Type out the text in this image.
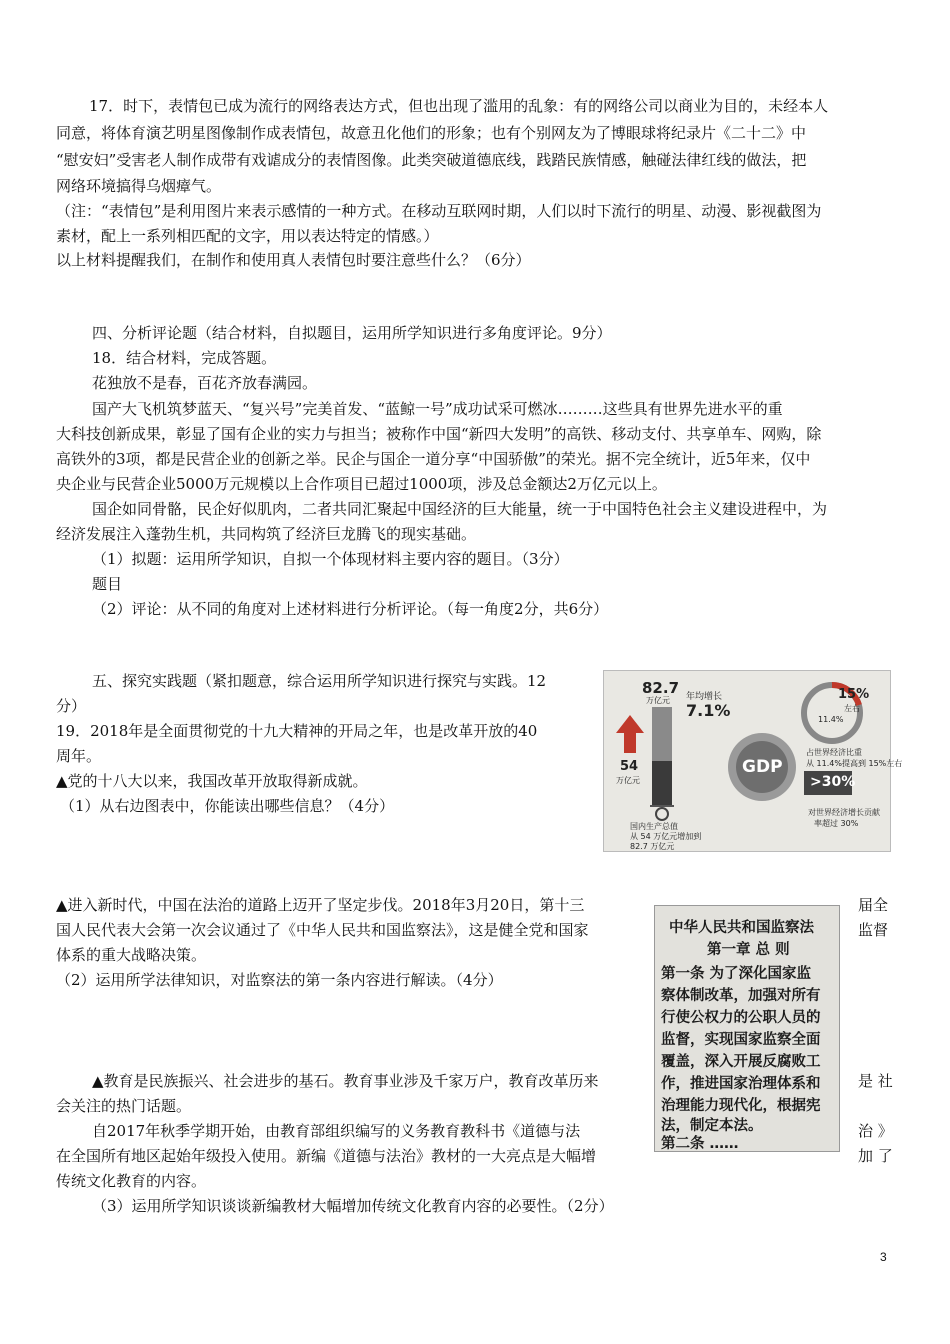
17．时下，表情包已成为流行的网络表达方式，但也出现了滥用的乱象：有的网络公司以商业为目的，未经本人
同意，将体育演艺明星图像制作成表情包，故意丑化他们的形象；也有个别网友为了博眼球将纪录片《二十二》中
“慰安妇”受害老人制作成带有戏谑成分的表情图像。此类突破道德底线，践踏民族情感，触碰法律红线的做法，把
网络环境搞得乌烟瘴气。
（注：“表情包”是利用图片来表示感情的一种方式。在移动互联网时期，人们以时下流行的明星、动漫、影视截图为
素材，配上一系列相匹配的文字，用以表达特定的情感。）
以上材料提醒我们，在制作和使用真人表情包时要注意些什么？（6分）
四、分析评论题（结合材料，自拟题目，运用所学知识进行多角度评论。9分）
18．结合材料，完成答题。
花独放不是春，百花齐放春满园。
国产大飞机筑梦蓝天、“复兴号”完美首发、“蓝鲸一号”成功试采可燃冰………这些具有世界先进水平的重
大科技创新成果，彰显了国有企业的实力与担当；被称作中国“新四大发明”的高铁、移动支付、共享单车、网购，除
高铁外的3项，都是民营企业的创新之举。民企与国企一道分享“中国骄傲”的荣光。据不完全统计，近5年来，仅中
央企业与民营企业5000万元规模以上合作项目已超过1000项，涉及总金额达2万亿元以上。
国企如同骨骼，民企好似肌肉，二者共同汇聚起中国经济的巨大能量，统一于中国特色社会主义建设进程中，为
经济发展注入蓬勃生机，共同构筑了经济巨龙腾飞的现实基础。
（1）拟题：运用所学知识，自拟一个体现材料主要内容的题目。（3分）
题目
（2）评论：从不同的角度对上述材料进行分析评论。（每一角度2分，共6分）
五、探究实践题（紧扣题意，综合运用所学知识进行探究与实践。12
分）
19．2018年是全面贯彻党的十九大精神的开局之年，也是改革开放的40
周年。
▲党的十八大以来，我国改革开放取得新成就。
（1）从右边图表中，你能读出哪些信息？（4分）
82.7
万亿元
54
万亿元
年均增长
7.1%
15%
左右
11.4%
占世界经济比重
从 11.4%提高到 15%左右
GDP
>30%
对世界经济增长贡献
率超过 30%
国内生产总值
从 54 万亿元增加到
82.7 万亿元
▲进入新时代，中国在法治的道路上迈开了坚定步伐。2018年3月20日，第十三
国人民代表大会第一次会议通过了《中华人民共和国监察法》，这是健全党和国家
体系的重大战略决策。
（2）运用所学法律知识，对监察法的第一条内容进行解读。（4分）
届全
监督
中华人民共和国监察法
第一章 总 则
第一条 为了深化国家监
察体制改革，加强对所有
行使公权力的公职人员的
监督，实现国家监察全面
覆盖，深入开展反腐败工
作，推进国家治理体系和
治理能力现代化，根据宪
法，制定本法。
第二条 ……
▲教育是民族振兴、社会进步的基石。教育事业涉及千家万户，教育改革历来
会关注的热门话题。
自2017年秋季学期开始，由教育部组织编写的义务教育教科书《道德与法
在全国所有地区起始年级投入使用。新编《道德与法治》教材的一大亮点是大幅增
传统文化教育的内容。
（3）运用所学知识谈谈新编教材大幅增加传统文化教育内容的必要性。（2分）
是 社
治 》
加 了
3
